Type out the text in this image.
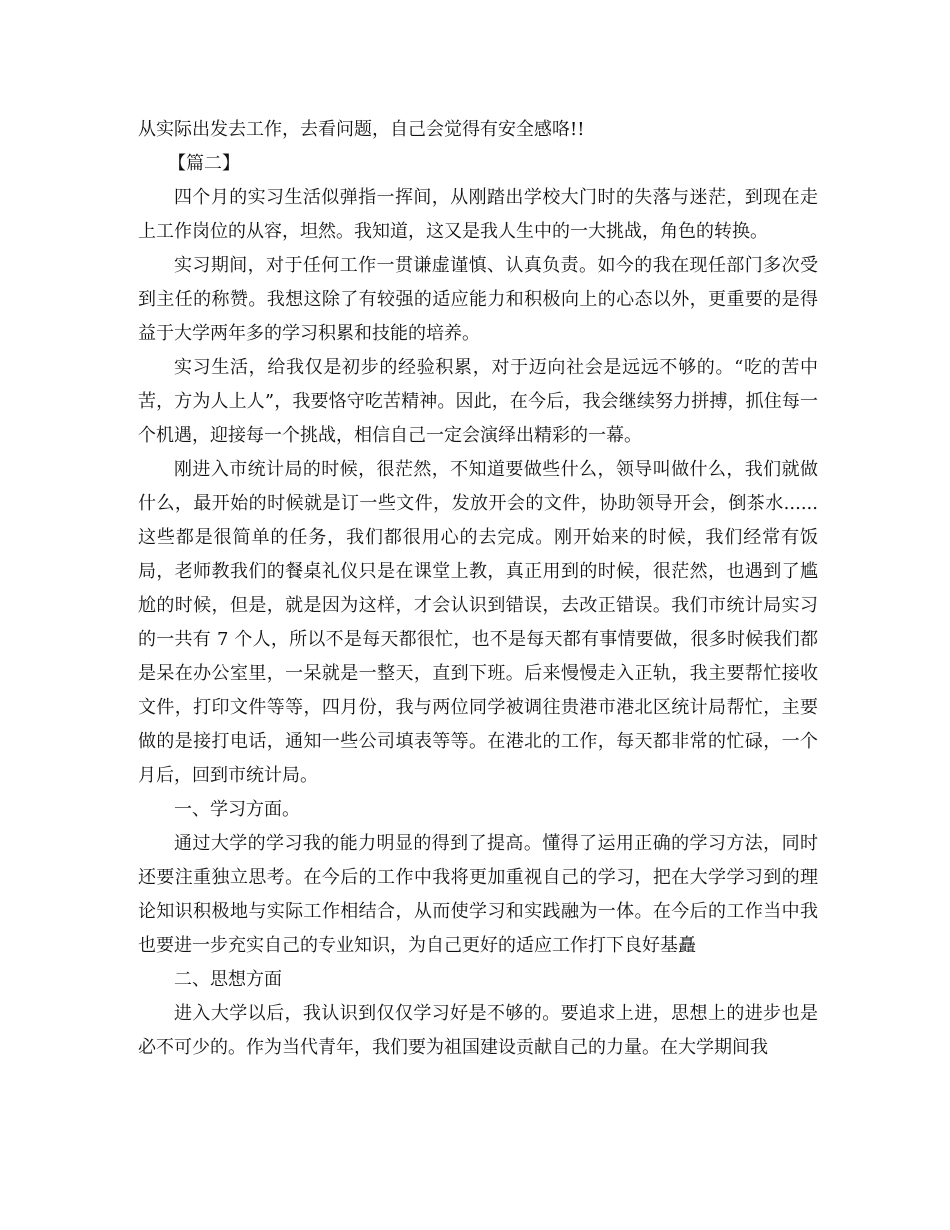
从实际出发去工作，去看问题，自己会觉得有安全感咯!!

【篇二】

四个月的实习生活似弹指一挥间，从刚踏出学校大门时的失落与迷茫，到现在走上工作岗位的从容，坦然。我知道，这又是我人生中的一大挑战，角色的转换。

实习期间，对于任何工作一贯谦虚谨慎、认真负责。如今的我在现任部门多次受到主任的称赞。我想这除了有较强的适应能力和积极向上的心态以外，更重要的是得益于大学两年多的学习积累和技能的培养。

实习生活，给我仅是初步的经验积累，对于迈向社会是远远不够的。“吃的苦中苦，方为人上人”，我要恪守吃苦精神。因此，在今后，我会继续努力拼搏，抓住每一个机遇，迎接每一个挑战，相信自己一定会演绎出精彩的一幕。

刚进入市统计局的时候，很茫然，不知道要做些什么，领导叫做什么，我们就做什么，最开始的时候就是订一些文件，发放开会的文件，协助领导开会，倒茶水......这些都是很简单的任务，我们都很用心的去完成。刚开始来的时候，我们经常有饭局，老师教我们的餐桌礼仪只是在课堂上教，真正用到的时候，很茫然，也遇到了尴尬的时候，但是，就是因为这样，才会认识到错误，去改正错误。我们市统计局实习的一共有 7 个人，所以不是每天都很忙，也不是每天都有事情要做，很多时候我们都是呆在办公室里，一呆就是一整天，直到下班。后来慢慢走入正轨，我主要帮忙接收文件，打印文件等等，四月份，我与两位同学被调往贵港市港北区统计局帮忙，主要做的是接打电话，通知一些公司填表等等。在港北的工作，每天都非常的忙碌，一个月后，回到市统计局。

一、学习方面。

通过大学的学习我的能力明显的得到了提高。懂得了运用正确的学习方法，同时还要注重独立思考。在今后的工作中我将更加重视自己的学习，把在大学学习到的理论知识积极地与实际工作相结合，从而使学习和实践融为一体。在今后的工作当中我也要进一步充实自己的专业知识，为自己更好的适应工作打下良好基矗

二、思想方面

进入大学以后，我认识到仅仅学习好是不够的。要追求上进，思想上的进步也是必不可少的。作为当代青年，我们要为祖国建设贡献自己的力量。在大学期间我
